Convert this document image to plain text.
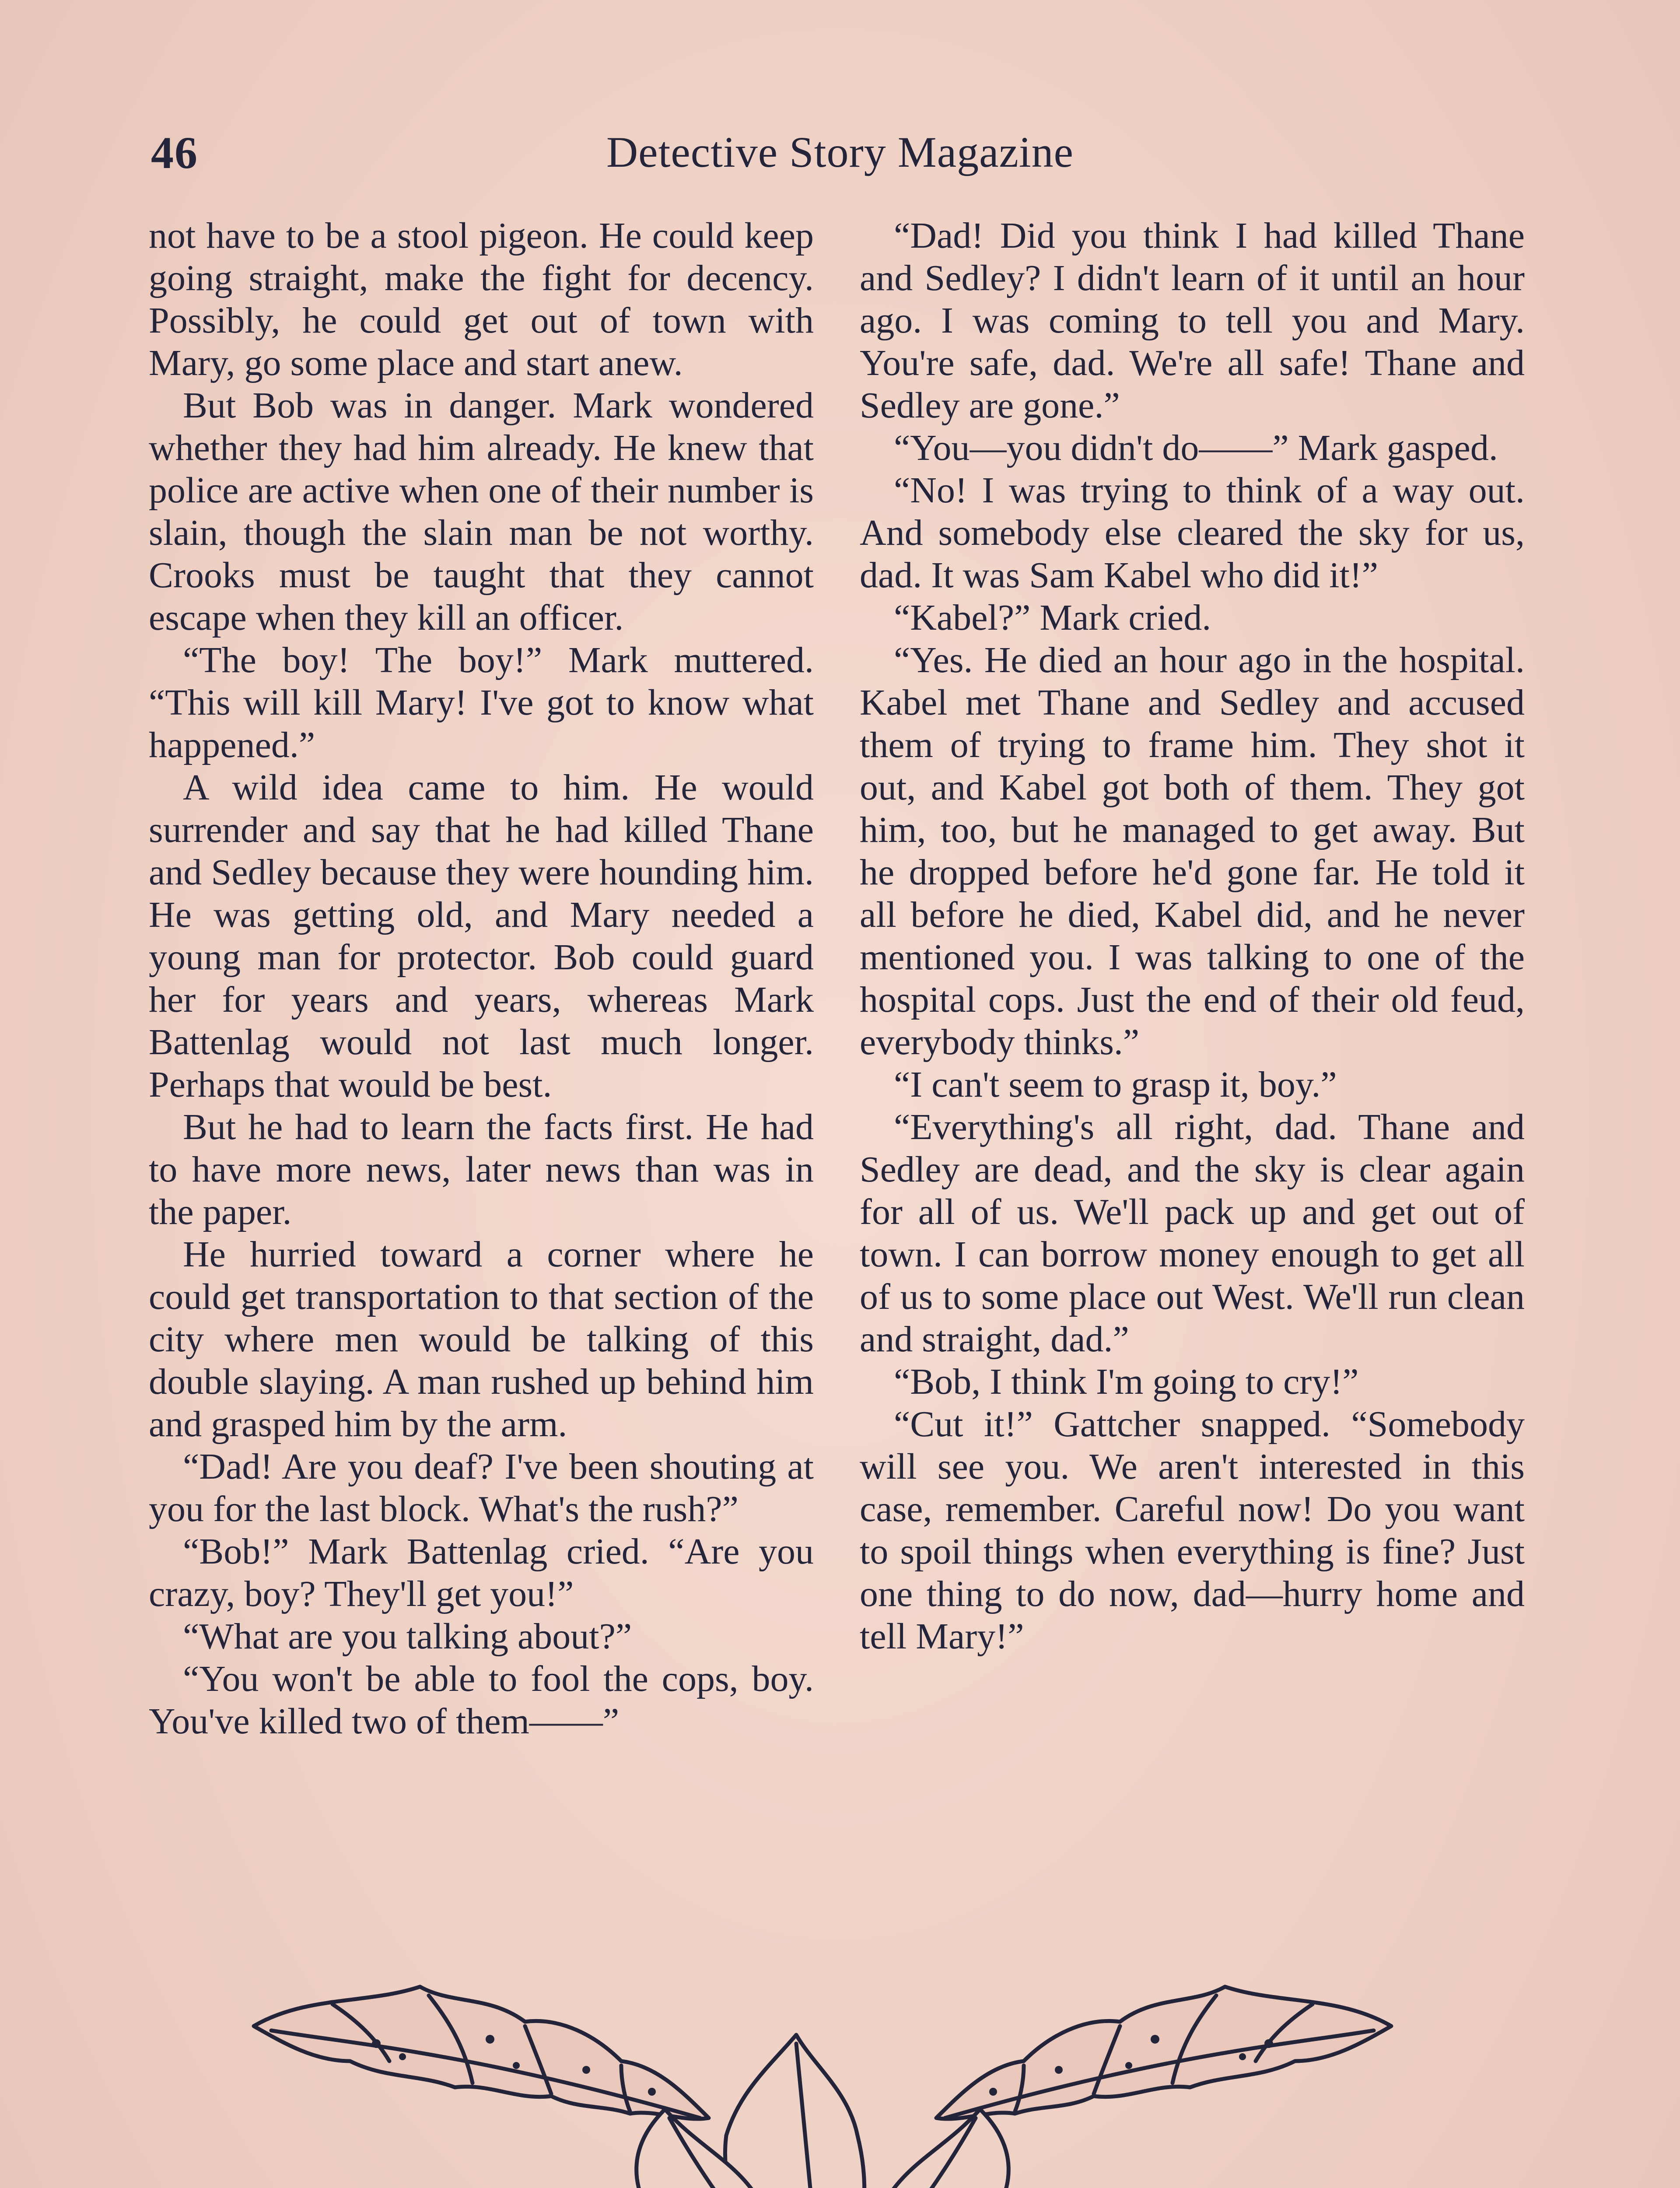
46	Detective Story Magazine

not have to be a stool pigeon. He could keep going straight, make the fight for decency. Possibly, he could get out of town with Mary, go some place and start anew.

But Bob was in danger. Mark wondered whether they had him already. He knew that police are active when one of their number is slain, though the slain man be not worthy. Crooks must be taught that they cannot escape when they kill an officer.

“The boy! The boy!” Mark muttered. “This will kill Mary! I've got to know what happened.”

A wild idea came to him. He would surrender and say that he had killed Thane and Sedley because they were hounding him. He was getting old, and Mary needed a young man for protector. Bob could guard her for years and years, whereas Mark Battenlag would not last much longer. Perhaps that would be best.

But he had to learn the facts first. He had to have more news, later news than was in the paper.

He hurried toward a corner where he could get transportation to that section of the city where men would be talking of this double slaying. A man rushed up behind him and grasped him by the arm.

“Dad! Are you deaf? I've been shouting at you for the last block. What's the rush?”

“Bob!” Mark Battenlag cried. “Are you crazy, boy? They'll get you!”

“What are you talking about?”

“You won't be able to fool the cops, boy. You've killed two of them——”

“Dad! Did you think I had killed Thane and Sedley? I didn't learn of it until an hour ago. I was coming to tell you and Mary. You're safe, dad. We're all safe! Thane and Sedley are gone.”

“You—you didn't do——” Mark gasped.

“No! I was trying to think of a way out. And somebody else cleared the sky for us, dad. It was Sam Kabel who did it!”

“Kabel?” Mark cried.

“Yes. He died an hour ago in the hospital. Kabel met Thane and Sedley and accused them of trying to frame him. They shot it out, and Kabel got both of them. They got him, too, but he managed to get away. But he dropped before he'd gone far. He told it all before he died, Kabel did, and he never mentioned you. I was talking to one of the hospital cops. Just the end of their old feud, everybody thinks.”

“I can't seem to grasp it, boy.”

“Everything's all right, dad. Thane and Sedley are dead, and the sky is clear again for all of us. We'll pack up and get out of town. I can borrow money enough to get all of us to some place out West. We'll run clean and straight, dad.”

“Bob, I think I'm going to cry!”

“Cut it!” Gattcher snapped. “Somebody will see you. We aren't interested in this case, remember. Careful now! Do you want to spoil things when everything is fine? Just one thing to do now, dad—hurry home and tell Mary!”
